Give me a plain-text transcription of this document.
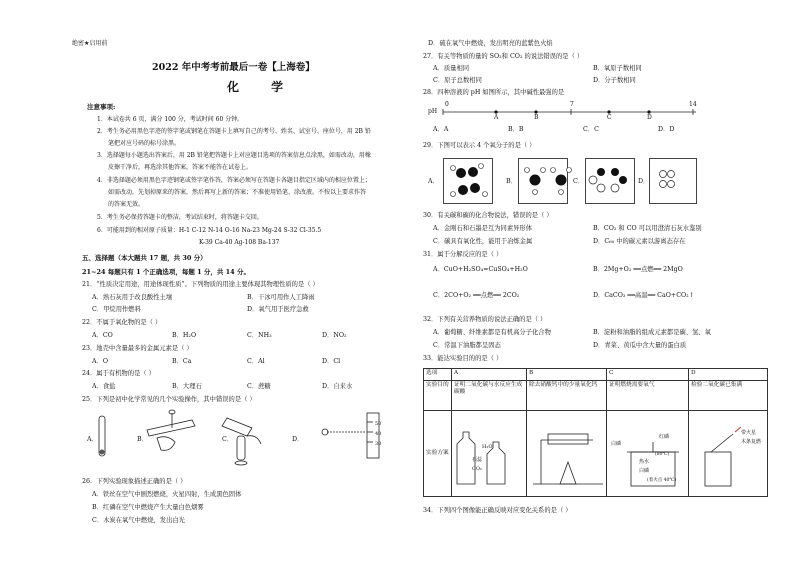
绝密★启用前
2022 年中考考前最后一卷【上海卷】
化 学
注意事项:
1．本试卷共 6 页，满分 100 分，考试时间 60 分钟。
2．考生务必用黑色字迹的签字笔或钢笔在答题卡上填写自己的考号、姓名、试室号、座位号，用 2B 铅
笔把对应号码的标号涂黑。
3．选择题每小题选出答案后，用 2B 铅笔把答题卡上对应题目选项的答案信息点涂黑，如需改动，用橡
皮擦干净后，再选涂其他答案，答案不能答在试卷上。
4．非选择题必须用黑色字迹钢笔或签字笔作答，答案必须写在答题卡各题目指定区域内的相应位置上；
如需改动，先划掉原来的答案，然后再写上新的答案；不准使用铅笔、涂改液。不按以上要求作答
的答案无效。
5．考生务必保持答题卡的整洁，考试结束时，将答题卡交回。
6．可能用到的相对原子质量：H-1 C-12 N-14 O-16 Na-23 Mg-24 S-32 Cl-35.5
K-39 Ca-40 Ag-108 Ba-137
五、选择题（本大题共 17 题，共 30 分）
21~24 每题只有 1 个正确选项，每题 1 分，共 14 分。
21．“性质决定用途，用途体现性质”。下列物质的用途主要体现其物理性质的是（ ）
A．熟石灰用于改良酸性土壤	B．干冰可用作人工降雨
C．甲烷用作燃料	D．氧气用于医疗急救
22．不属于氧化物的是（ ）
A．CO	B．H₂O	C．NH₃	D．NO₂
23．地壳中含量最多的金属元素是（ ）
A．O	B．Ca	C．Al	D．Cl
24．属于有机物的是（ ）
A．食盐	B．大理石	C．蔗糖	D．自来水
25．下列是初中化学常见的几个实验操作，其中错误的是（ ）
A．	B．	C．	D．
50
40
30
26．下列实验现象描述正确的是（ ）
A．铁丝在空气中剧烈燃烧，火星四射，生成黑色固体
B．红磷在空气中燃烧产生大量白色烟雾
C．木炭在氧气中燃烧，发出白光
D．硫在氧气中燃烧，发出明亮的蓝紫色火焰
27．有关等物质的量的 SO₂和 CO₂ 的说法错误的是（ ）
A．质量相同	B．氧原子数相同
C．原子总数相同	D．分子数相同
28．四种溶液的 pH 如图所示，其中碱性最强的是
pH
0	7	14
A	B	C	D
A．A	B．B	C．C	D．D
29．下图可以表示 4 个氧分子的是（ ）
A．	B．	C．	D．
30．有关碳和碳的化合物说法，错误的是（ ）
A．金刚石和石墨是互为同素异形体	B．CO₂ 和 CO 可以用澄清石灰水鉴别
C．碳具有氧化性，能用于冶炼金属	D．C₆₀ 中的碳元素以游离态存在
31．属于分解反应的是（ ）
A．CuO+H₂SO₄=CuSO₄+H₂O	B．2Mg+O₂ ══点燃══ 2MgO
C．2CO+O₂ ══点燃══ 2CO₂	D．CaCO₃ ══高温══ CaO+CO₂↑
32．下列有关营养物质的说法正确的是（ ）
A．葡萄糖、纤维素都是有机高分子化合物	B．淀粉和油脂的组成元素都是碳、氢、氧
C．常温下油脂都呈固态	D．青菜、黄瓜中含大量的蛋白质
33．能达实验目的的是（ ）
选项	A	B	C	D
实验目的	证明二氧化碳与水反应生成碳酸	除去硝酸钙中的少量氧化钙	证明燃烧需要氧气	检验二氧化碳已集满
实验方案				
H₂O
石蕊
CO₂
白磷
红磷
热水
白磷
(80℃)
(着火点 40℃)
带火星
木条复燃
34．下列四个图像能正确反映对应变化关系的是（ ）
